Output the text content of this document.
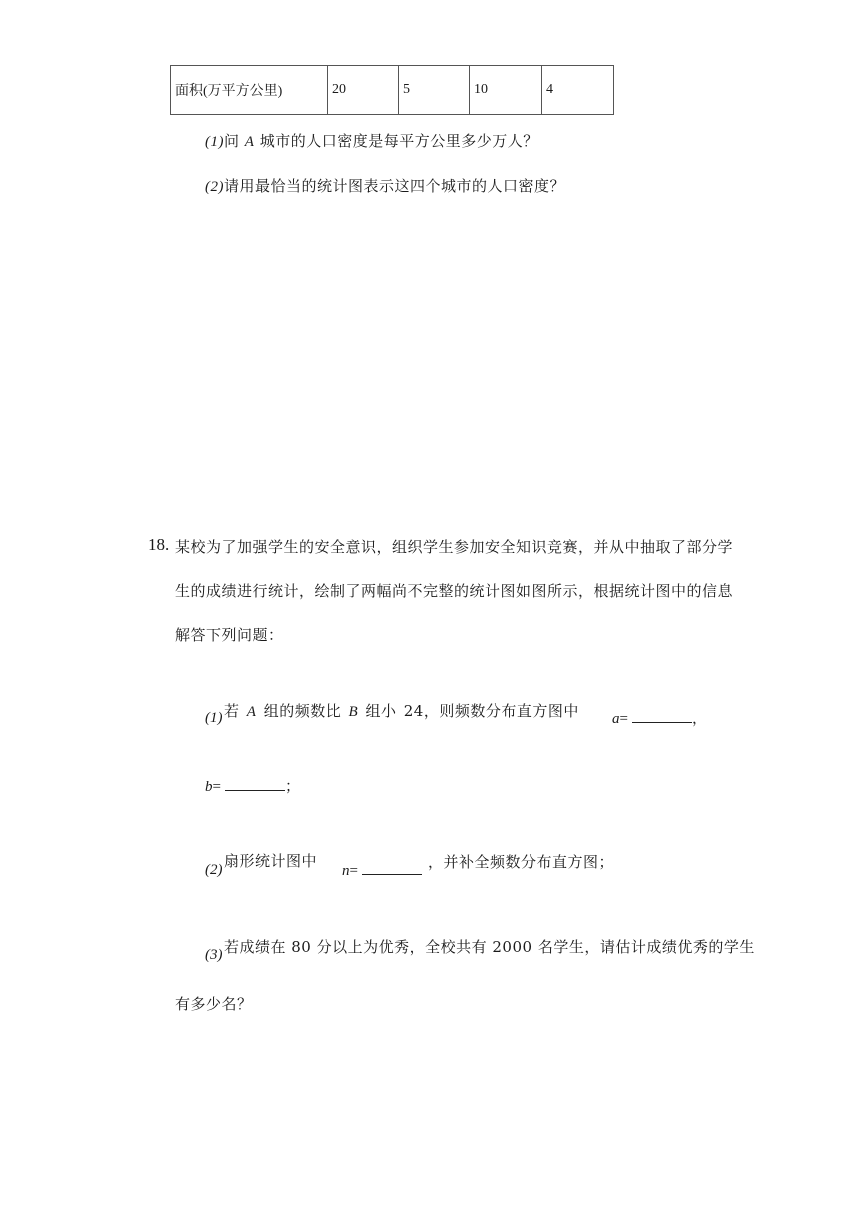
面积(万平方公里)	20	5	10	4
(1)问 A 城市的人口密度是每平方公里多少万人？
(2)请用最恰当的统计图表示这四个城市的人口密度？
18. 某校为了加强学生的安全意识，组织学生参加安全知识竞赛，并从中抽取了部分学
生的成绩进行统计，绘制了两幅尚不完整的统计图如图所示，根据统计图中的信息
解答下列问题：
(1) 若 A 组的频数比 B 组小 24，则频数分布直方图中 a=	，
b=	；
(2) 扇形统计图中
n=	，并补全频数分布直方图；
(3) 若成绩在 80 分以上为优秀，全校共有 2000 名学生，请估计成绩优秀的学生
有多少名？
